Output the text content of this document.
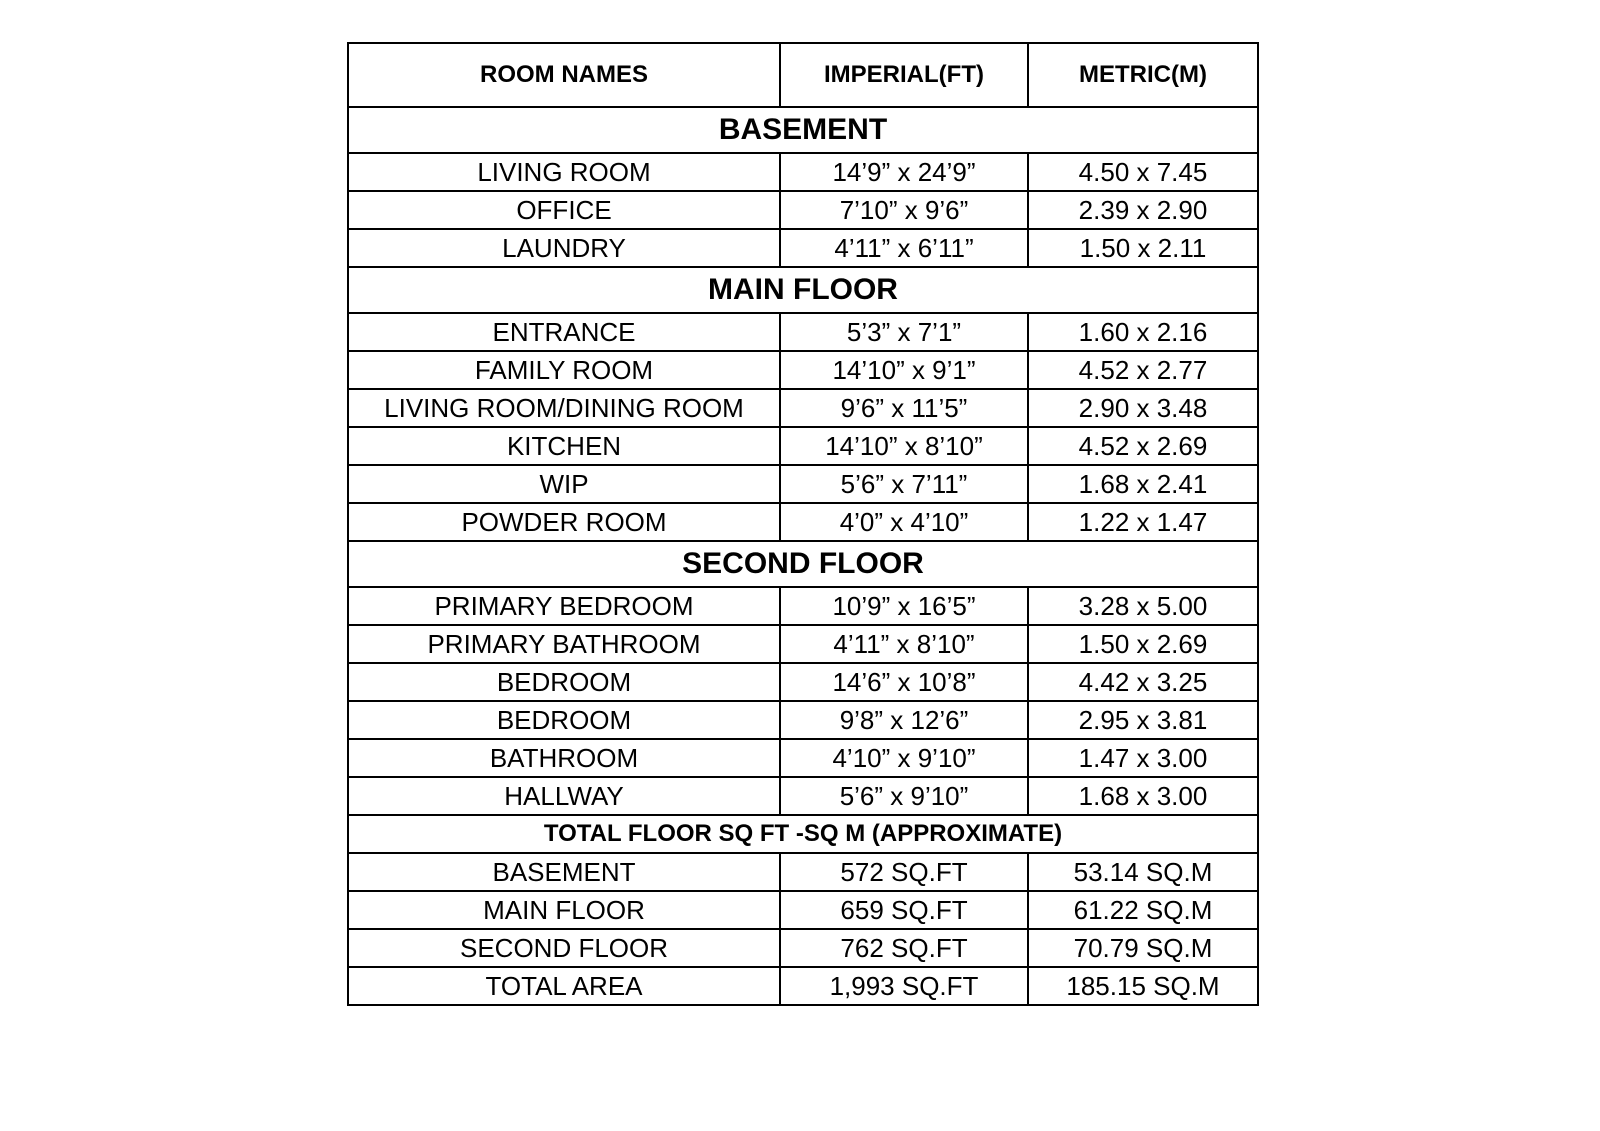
ROOM NAMES	IMPERIAL(FT)	METRIC(M)
BASEMENT		
LIVING ROOM	14’9” x 24’9”	4.50 x 7.45
OFFICE	7’10” x 9’6”	2.39 x 2.90
LAUNDRY	4’11” x 6’11”	1.50 x 2.11
MAIN FLOOR		
ENTRANCE	5’3” x 7’1”	1.60 x 2.16
FAMILY ROOM	14’10” x 9’1”	4.52 x 2.77
LIVING ROOM/DINING ROOM	9’6” x 11’5”	2.90 x 3.48
KITCHEN	14’10” x 8’10”	4.52 x 2.69
WIP	5’6” x 7’11”	1.68 x 2.41
POWDER ROOM	4’0” x 4’10”	1.22 x 1.47
SECOND FLOOR		
PRIMARY BEDROOM	10’9” x 16’5”	3.28 x 5.00
PRIMARY BATHROOM	4’11” x 8’10”	1.50 x 2.69
BEDROOM	14’6” x 10’8”	4.42 x 3.25
BEDROOM	9’8” x 12’6”	2.95 x 3.81
BATHROOM	4’10” x 9’10”	1.47 x 3.00
HALLWAY	5’6” x 9’10”	1.68 x 3.00
TOTAL FLOOR SQ FT -SQ M (APPROXIMATE)		
BASEMENT	572 SQ.FT	53.14 SQ.M
MAIN FLOOR	659 SQ.FT	61.22 SQ.M
SECOND FLOOR	762 SQ.FT	70.79 SQ.M
TOTAL AREA	1,993 SQ.FT	185.15 SQ.M
